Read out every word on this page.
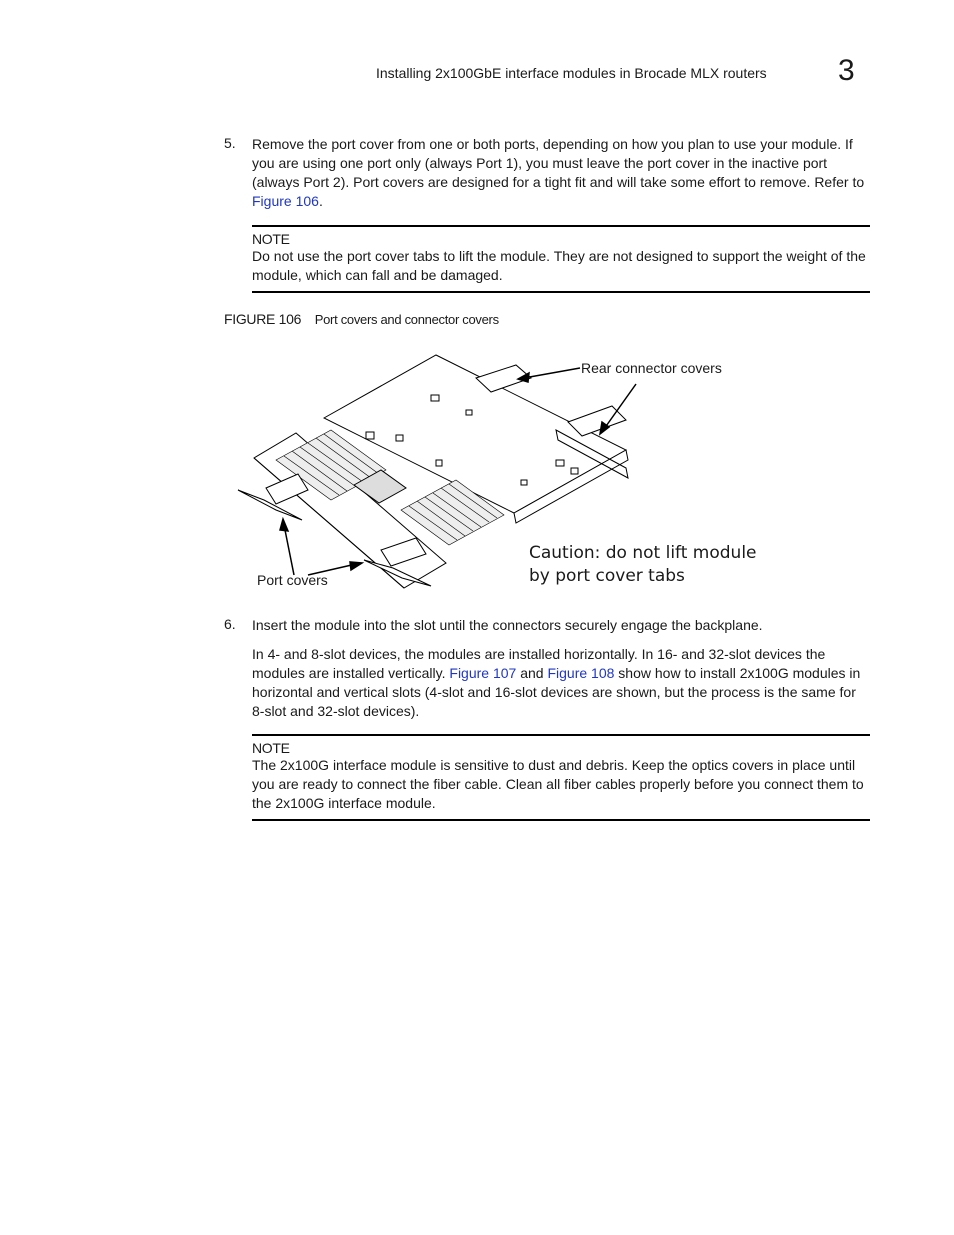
Installing 2x100GbE interface modules in Brocade MLX routers 3
5. Remove the port cover from one or both ports, depending on how you plan to use your module. If you are using one port only (always Port 1), you must leave the port cover in the inactive port (always Port 2). Port covers are designed for a tight fit and will take some effort to remove. Refer to Figure 106.

NOTE

Do not use the port cover tabs to lift the module. They are not designed to support the weight of the module, which can fall and be damaged.

FIGURE 106 Port covers and connector covers
Rear connector covers
Port covers
Caution: do not lift module
by port cover tabs
6. Insert the module into the slot until the connectors securely engage the backplane.

In 4- and 8-slot devices, the modules are installed horizontally. In 16- and 32-slot devices the modules are installed vertically. Figure 107 and Figure 108 show how to install 2x100G modules in horizontal and vertical slots (4-slot and 16-slot devices are shown, but the process is the same for 8-slot and 32-slot devices).

NOTE

The 2x100G interface module is sensitive to dust and debris. Keep the optics covers in place until you are ready to connect the fiber cable. Clean all fiber cables properly before you connect them to the 2x100G interface module.
